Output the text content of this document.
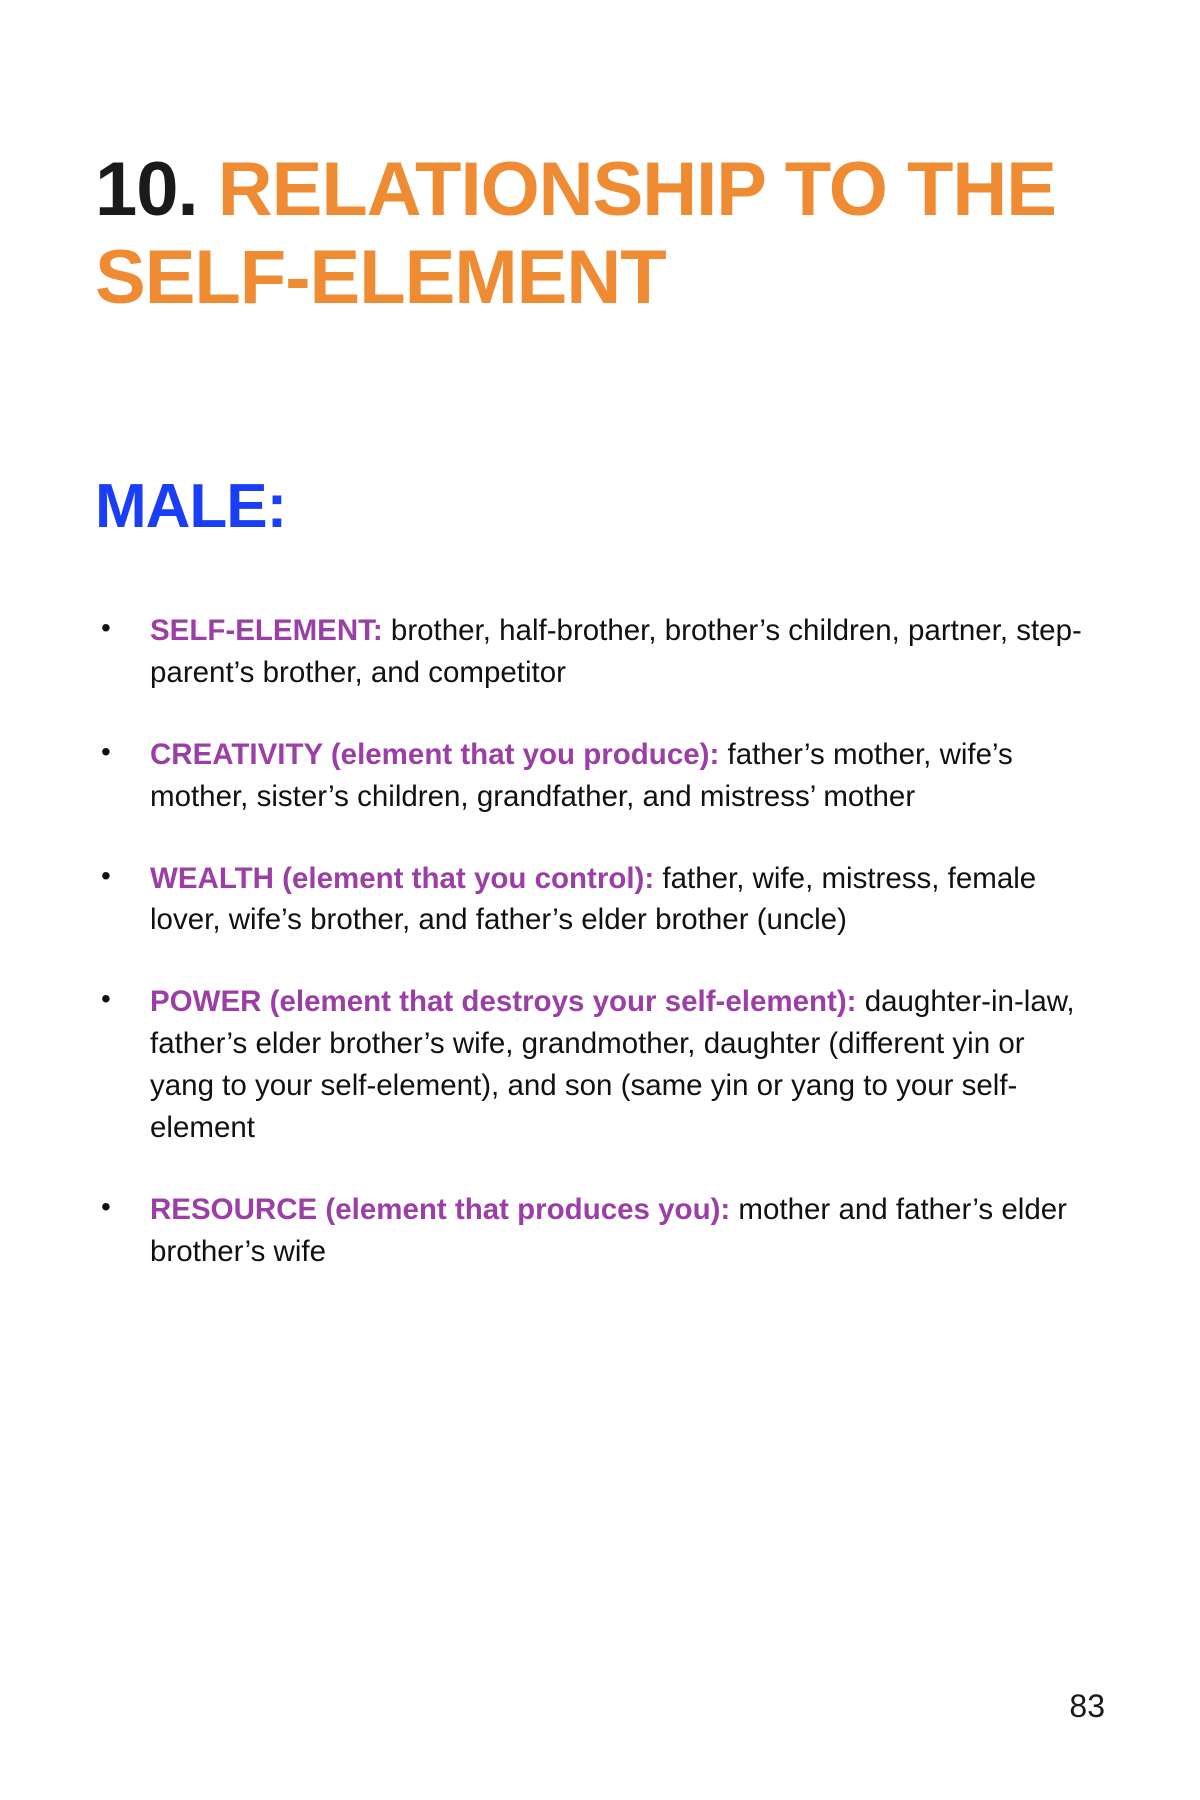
10. RELATIONSHIP TO THE SELF-ELEMENT
MALE:
• SELF-ELEMENT: brother, half-brother, brother’s children, partner, step-parent’s brother, and competitor
• CREATIVITY (element that you produce): father’s mother, wife’s mother, sister’s children, grandfather, and mistress’ mother
• WEALTH (element that you control): father, wife, mistress, female lover, wife’s brother, and father’s elder brother (uncle)
• POWER (element that destroys your self-element): daughter-in-law, father’s elder brother’s wife, grandmother, daughter (different yin or yang to your self-element), and son (same yin or yang to your self-element
• RESOURCE (element that produces you): mother and father’s elder brother’s wife
83
